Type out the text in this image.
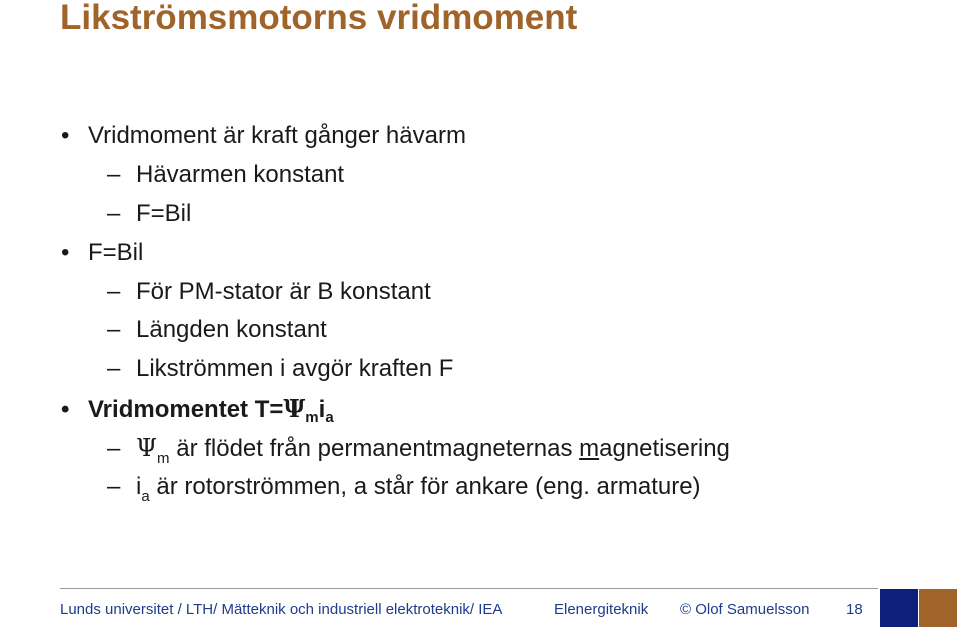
Likströmsmotorns vridmoment
• Vridmoment är kraft gånger hävarm
– Hävarmen konstant
– F=Bil
• F=Bil
– För PM-stator är B konstant
– Längden konstant
– Likströmmen i avgör kraften F
• Vridmomentet $T=\Psi_mi_a$
– $\Psi_m$ är flödet från permanentmagneternas magnetisering
– $i_a$ är rotorströmmen, a står för ankare (eng. armature)
Lunds universitet / LTH/ Mätteknik och industriell elektroteknik/ IEA	Elenergiteknik © Olof Samuelsson 18
